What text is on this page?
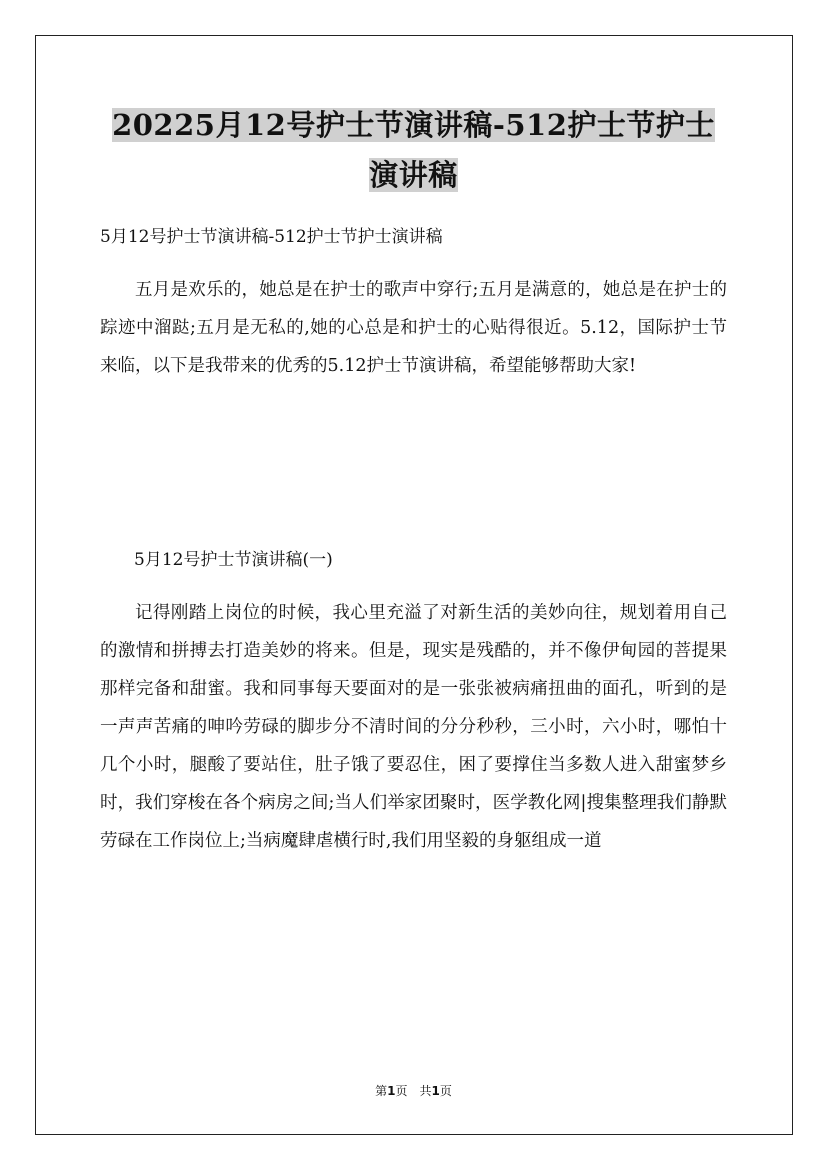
20225月12号护士节演讲稿-512护士节护士演讲稿
5月12号护士节演讲稿-512护士节护士演讲稿

五月是欢乐的，她总是在护士的歌声中穿行;五月是满意的，她总是在护士的踪迹中溜跶;五月是无私的,她的心总是和护士的心贴得很近。5.12，国际护士节来临，以下是我带来的优秀的5.12护士节演讲稿，希望能够帮助大家!

5月12号护士节演讲稿(一)

记得刚踏上岗位的时候，我心里充溢了对新生活的美妙向往，规划着用自己的激情和拼搏去打造美妙的将来。但是，现实是残酷的，并不像伊甸园的菩提果那样完备和甜蜜。我和同事每天要面对的是一张张被病痛扭曲的面孔，听到的是一声声苦痛的呻吟劳碌的脚步分不清时间的分分秒秒，三小时，六小时，哪怕十几个小时，腿酸了要站住，肚子饿了要忍住，困了要撑住当多数人进入甜蜜梦乡时，我们穿梭在各个病房之间;当人们举家团聚时，医学教化网|搜集整理我们静默劳碌在工作岗位上;当病魔肆虐横行时,我们用坚毅的身躯组成一道

第1页　共1页
